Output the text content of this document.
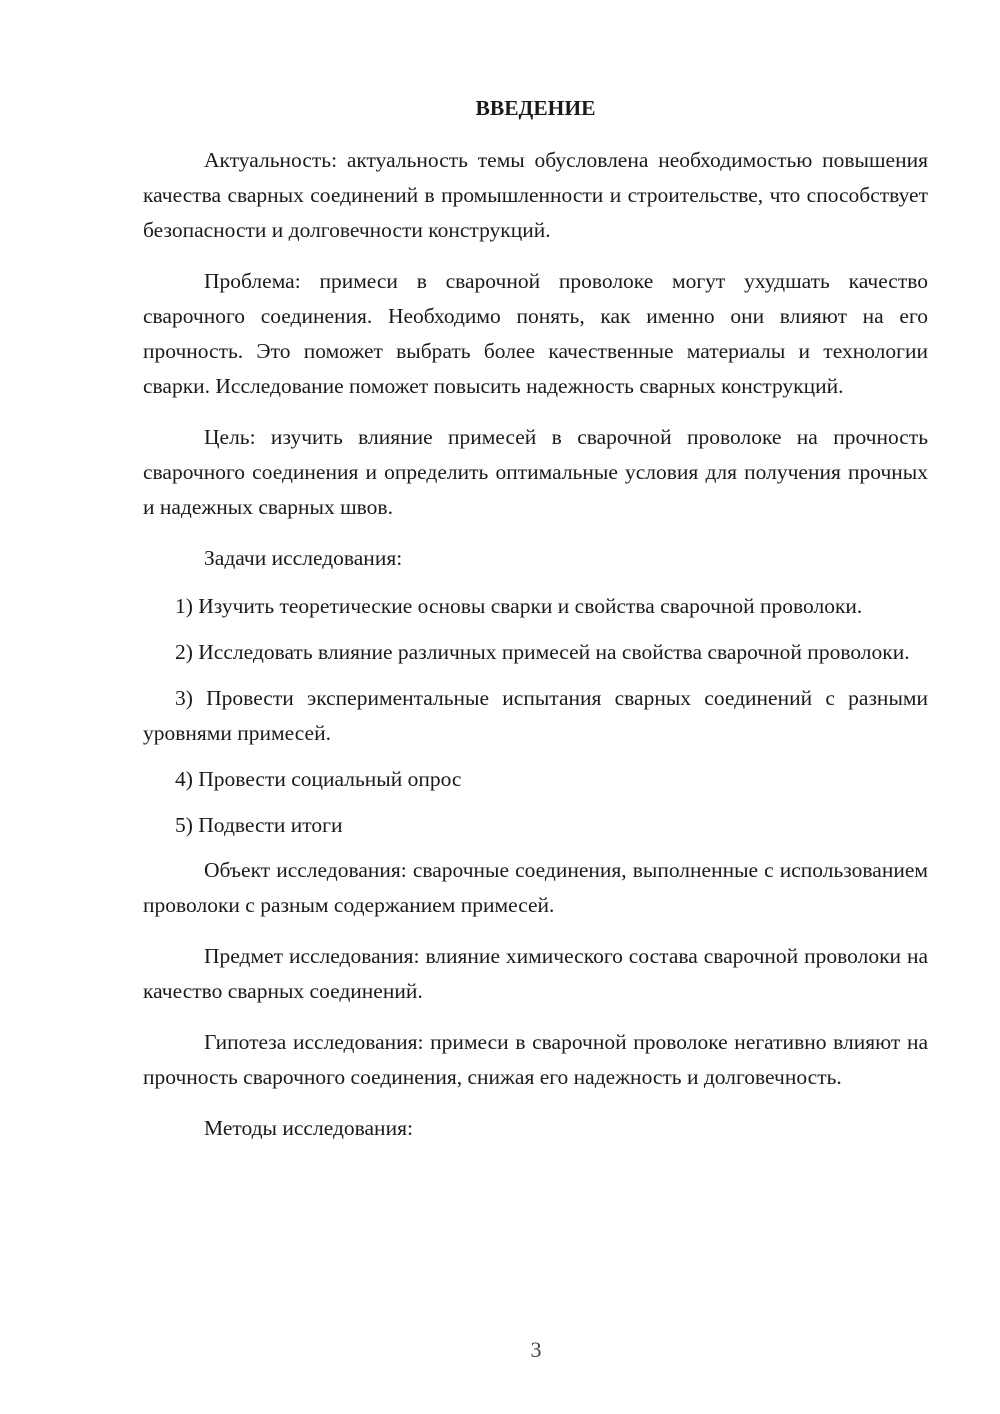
ВВЕДЕНИЕ

Актуальность: актуальность темы обусловлена необходимостью повышения качества сварных соединений в промышленности и строительстве, что способствует безопасности и долговечности конструкций.

Проблема: примеси в сварочной проволоке могут ухудшать качество сварочного соединения. Необходимо понять, как именно они влияют на его прочность. Это поможет выбрать более качественные материалы и технологии сварки. Исследование поможет повысить надежность сварных конструкций.

Цель: изучить влияние примесей в сварочной проволоке на прочность сварочного соединения и определить оптимальные условия для получения прочных и надежных сварных швов.

Задачи исследования:

1) Изучить теоретические основы сварки и свойства сварочной проволоки.

2) Исследовать влияние различных примесей на свойства сварочной проволоки.

3) Провести экспериментальные испытания сварных соединений с разными уровнями примесей.

4) Провести социальный опрос

5) Подвести итоги

Объект исследования: сварочные соединения, выполненные с использованием проволоки с разным содержанием примесей.

Предмет исследования: влияние химического состава сварочной проволоки на качество сварных соединений.

Гипотеза исследования: примеси в сварочной проволоке негативно влияют на прочность сварочного соединения, снижая его надежность и долговечность.

Методы исследования:

3
